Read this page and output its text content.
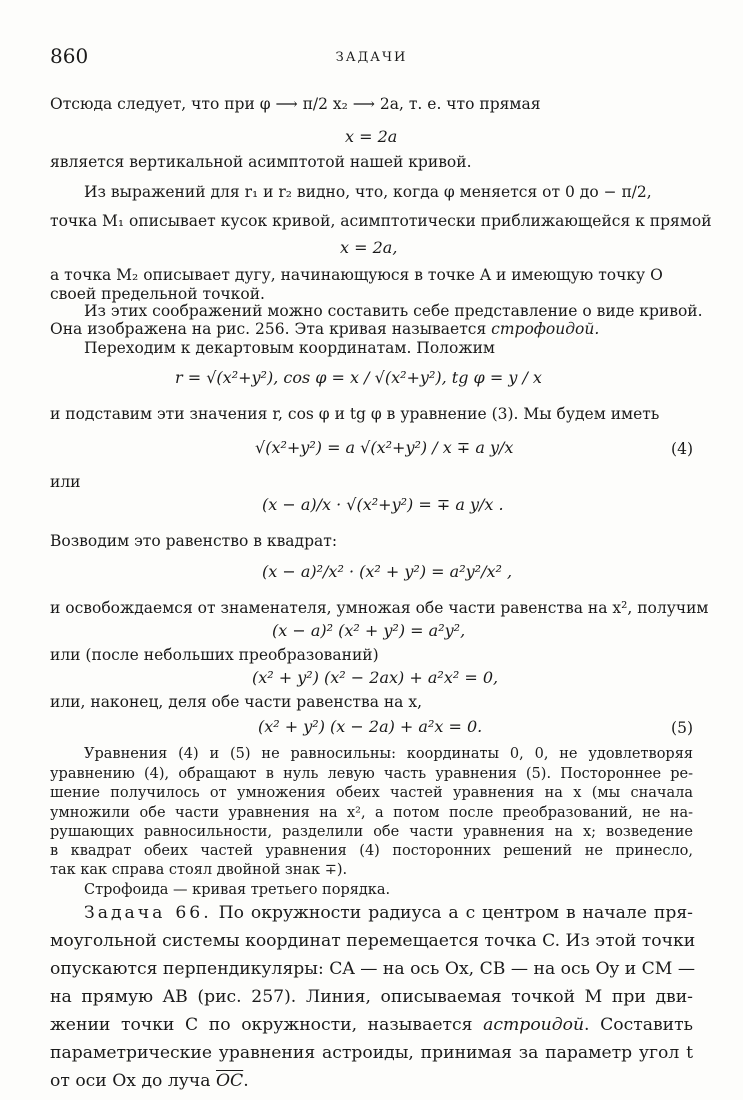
860	ЗАДАЧИ
Отсюда следует, что при φ ⟶ π/2 x₂ ⟶ 2a, т. е. что прямая
x = 2a
является вертикальной асимптотой нашей кривой.
Из выражений для r₁ и r₂ видно, что, когда φ меняется от 0 до − π/2,
точка M₁ описывает кусок кривой, асимптотически приближающейся к прямой
x = 2a,
а точка M₂ описывает дугу, начинающуюся в точке A и имеющую точку O
своей предельной точкой.
Из этих соображений можно составить себе представление о виде кривой.
Она изображена на рис. 256. Эта кривая называется строфоидой.
Переходим к декартовым координатам. Положим
r = √(x²+y²), cos φ = x / √(x²+y²), tg φ = y / x
и подставим эти значения r, cos φ и tg φ в уравнение (3). Мы будем иметь
√(x²+y²) = a √(x²+y²) / x ∓ a y/x	(4)
или
(x − a)/x · √(x²+y²) = ∓ a y/x .
Возводим это равенство в квадрат:
(x − a)²/x² · (x² + y²) = a²y²/x² ,
и освобождаемся от знаменателя, умножая обе части равенства на x², получим
(x − a)² (x² + y²) = a²y²,
или (после небольших преобразований)
(x² + y²) (x² − 2ax) + a²x² = 0,
или, наконец, деля обе части равенства на x,
(x² + y²) (x − 2a) + a²x = 0.	(5)
Уравнения (4) и (5) не равносильны: координаты 0, 0, не удовлетворяя
уравнению (4), обращают в нуль левую часть уравнения (5). Постороннее ре-
шение получилось от умножения обеих частей уравнения на x (мы сначала
умножили обе части уравнения на x², а потом после преобразований, не на-
рушающих равносильности, разделили обе части уравнения на x; возведение
в квадрат обеих частей уравнения (4) посторонних решений не принесло,
так как справа стоял двойной знак ∓).
Строфоида — кривая третьего порядка.
Задача 66. По окружности радиуса a с центром в начале пря-
моугольной системы координат перемещается точка C. Из этой точки
опускаются перпендикуляры: CA — на ось Ox, CB — на ось Oy и CM —
на прямую AB (рис. 257). Линия, описываемая точкой M при дви-
жении точки C по окружности, называется астроидой. Составить
параметрические уравнения астроиды, принимая за параметр угол t
от оси Ox до луча $\overline{OC}$.
